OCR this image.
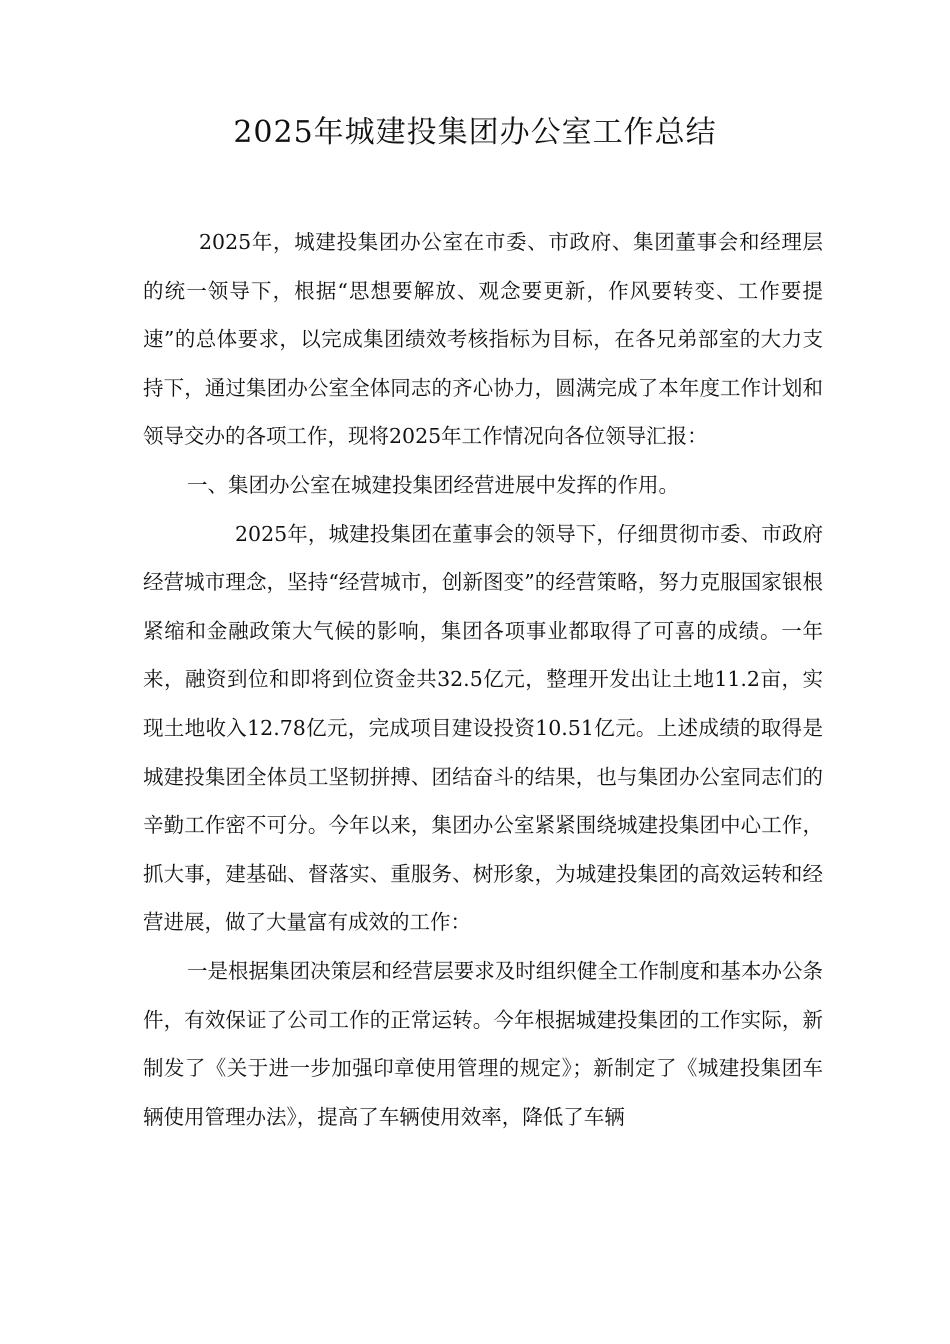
2025年城建投集团办公室工作总结

2025年，城建投集团办公室在市委、市政府、集团董事会和经理层的统一领导下，根据“思想要解放、观念要更新，作风要转变、工作要提速”的总体要求，以完成集团绩效考核指标为目标，在各兄弟部室的大力支持下，通过集团办公室全体同志的齐心协力，圆满完成了本年度工作计划和领导交办的各项工作，现将2025年工作情况向各位领导汇报：

一、集团办公室在城建投集团经营进展中发挥的作用。

2025年，城建投集团在董事会的领导下，仔细贯彻市委、市政府经营城市理念，坚持“经营城市，创新图变”的经营策略，努力克服国家银根紧缩和金融政策大气候的影响，集团各项事业都取得了可喜的成绩。一年来，融资到位和即将到位资金共32.5亿元，整理开发出让土地11.2亩，实现土地收入12.78亿元，完成项目建设投资10.51亿元。上述成绩的取得是城建投集团全体员工坚韧拼搏、团结奋斗的结果，也与集团办公室同志们的辛勤工作密不可分。今年以来，集团办公室紧紧围绕城建投集团中心工作，抓大事，建基础、督落实、重服务、树形象，为城建投集团的高效运转和经营进展，做了大量富有成效的工作：

一是根据集团决策层和经营层要求及时组织健全工作制度和基本办公条件，有效保证了公司工作的正常运转。今年根据城建投集团的工作实际，新制发了《关于进一步加强印章使用管理的规定》；新制定了《城建投集团车辆使用管理办法》，提高了车辆使用效率，降低了车辆
